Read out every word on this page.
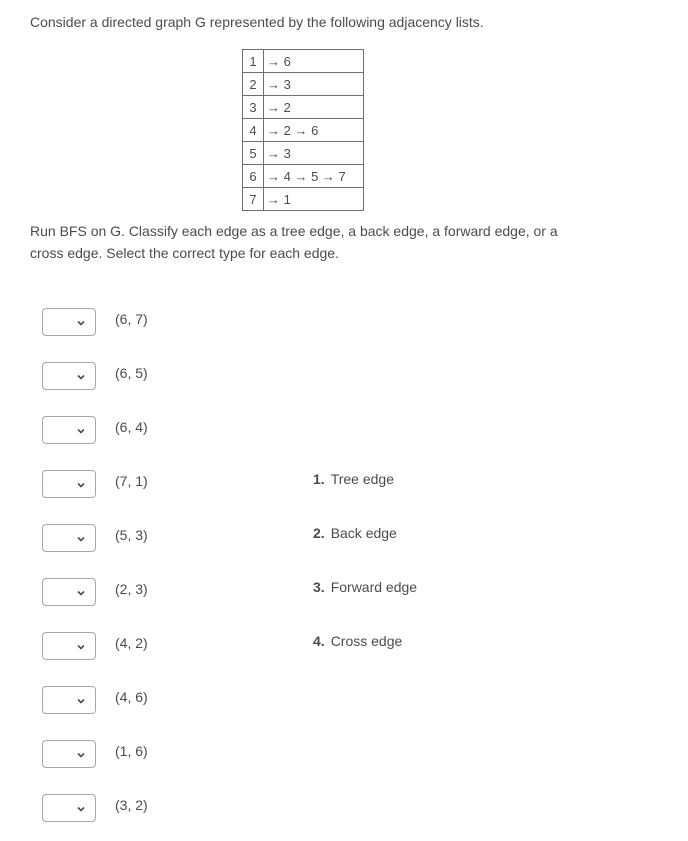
Consider a directed graph G represented by the following adjacency lists.
1	→ 6
2	→ 3
3	→ 2
4	→ 2 → 6
5	→ 3
6	→ 4 → 5 → 7
7	→ 1
Run BFS on G. Classify each edge as a tree edge, a back edge, a forward edge, or a cross edge. Select the correct type for each edge.
(6, 7)
(6, 5)
(6, 4)
(7, 1)
(5, 3)
(2, 3)
(4, 2)
(4, 6)
(1, 6)
(3, 2)
1. Tree edge
2. Back edge
3. Forward edge
4. Cross edge
